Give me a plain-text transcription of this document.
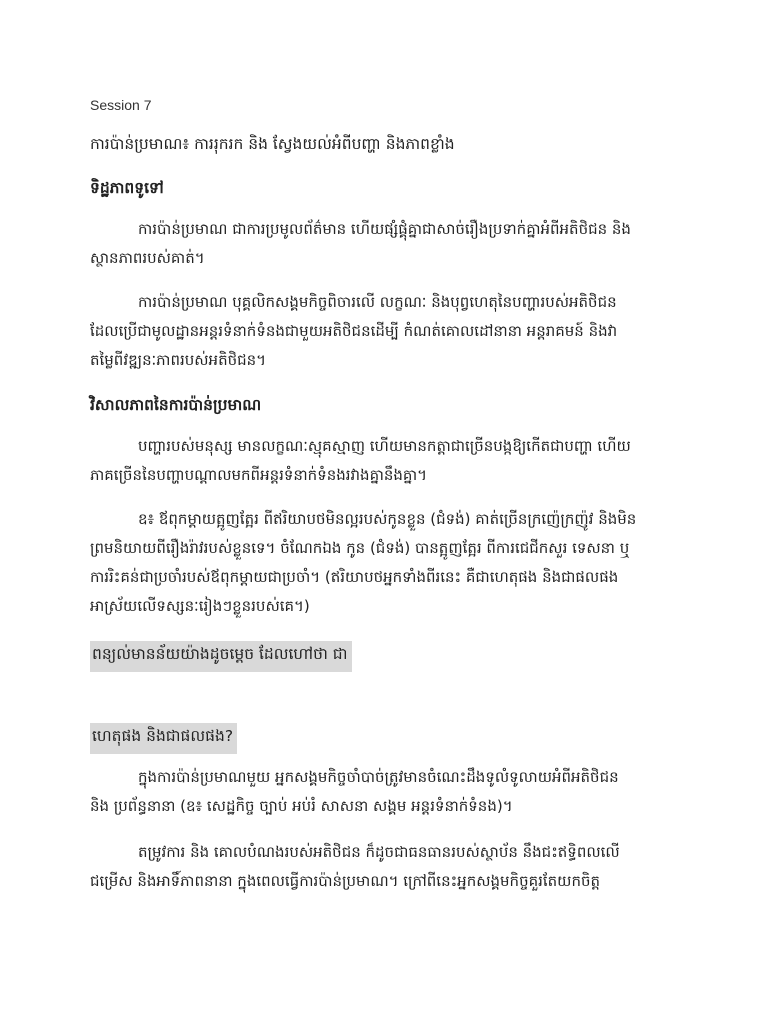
Session 7
ការប៉ាន់ប្រមាណ៖ ការរុករក និង ស្វែងយល់អំពីបញ្ហា និងភាពខ្លាំង
ទិដ្ឋភាពទូទៅ
ការប៉ាន់ប្រមាណ ជាការប្រមូលព័ត៌មាន ហើយផ្សំផ្គុំគ្នាជាសាច់រឿងប្រទាក់គ្នាអំពីអតិថិជន និង
ស្ថានភាពរបស់គាត់។
ការប៉ាន់ប្រមាណ បុគ្គលិកសង្គមកិច្ចពិចារលើ លក្ខណៈ និងបុព្វហេតុនៃបញ្ហារបស់អតិថិជន
ដែលប្រើជាមូលដ្ឋានអន្តរទំនាក់ទំនងជាមួយអតិថិជនដើម្បី កំណត់គោលដៅនានា អន្តរាគមន៍ និងវា
តម្លៃពីវឌ្ឍនៈភាពរបស់អតិថិជន។
វិសាលភាពនៃការប៉ាន់ប្រមាណ
បញ្ហារបស់មនុស្ស មានលក្ខណៈស្មុគស្មាញ ហើយមានកត្តាជាច្រើនបង្កឱ្យកើតជាបញ្ហា ហើយ
ភាគច្រើននៃបញ្ហាបណ្តាលមកពីអន្តរទំនាក់ទំនងរវាងគ្នានឹងគ្នា។
ឧ៖ ឪពុកម្តាយត្អូញត្អែរ ពីឥរិយាបថមិនល្អរបស់កូនខ្លួន (ជំទង់) គាត់ច្រើនក្រញ៉េក្រញ៉ូវ និងមិន
ព្រមនិយាយពីរឿងរ៉ាវរបស់ខ្លួនទេ។ ចំណែកឯង កូន (ជំទង់) បានត្អូញត្អែរ ពីការជេជីកសួរ ទេសនា ឬ
ការរិះគន់ជាប្រចាំរបស់ឪពុកម្តាយជាប្រចាំ។ (ឥរិយាបថអ្នកទាំងពីរនេះ គឺជាហេតុផង និងជាផលផង
អាស្រ័យលើទស្សនៈរៀងៗខ្លួនរបស់គេ។)
ពន្យល់មានន័យយ៉ាងដូចម្តេច ដែលហៅថា ជា
ហេតុផង និងជាផលផង?
ក្នុងការប៉ាន់ប្រមាណមួយ អ្នកសង្គមកិច្ចចាំបាច់ត្រូវមានចំណេះដឹងទូលំទូលាយអំពីអតិថិជន
និង ប្រព័ន្ធនានា (ឧ៖ សេដ្ឋកិច្ច ច្បាប់ អប់រំ សាសនា សង្គម អន្តរទំនាក់ទំនង)។
តម្រូវការ និង គោលបំណងរបស់អតិថិជន ក៏ដូចជាធនធានរបស់ស្ថាប័ន នឹងជះឥទ្ធិពលលើ
ជម្រើស និងអាទិ៍ភាពនានា ក្នុងពេលធ្វើការប៉ាន់ប្រមាណ។ ក្រៅពីនេះអ្នកសង្គមកិច្ចគួរតែយកចិត្ត
